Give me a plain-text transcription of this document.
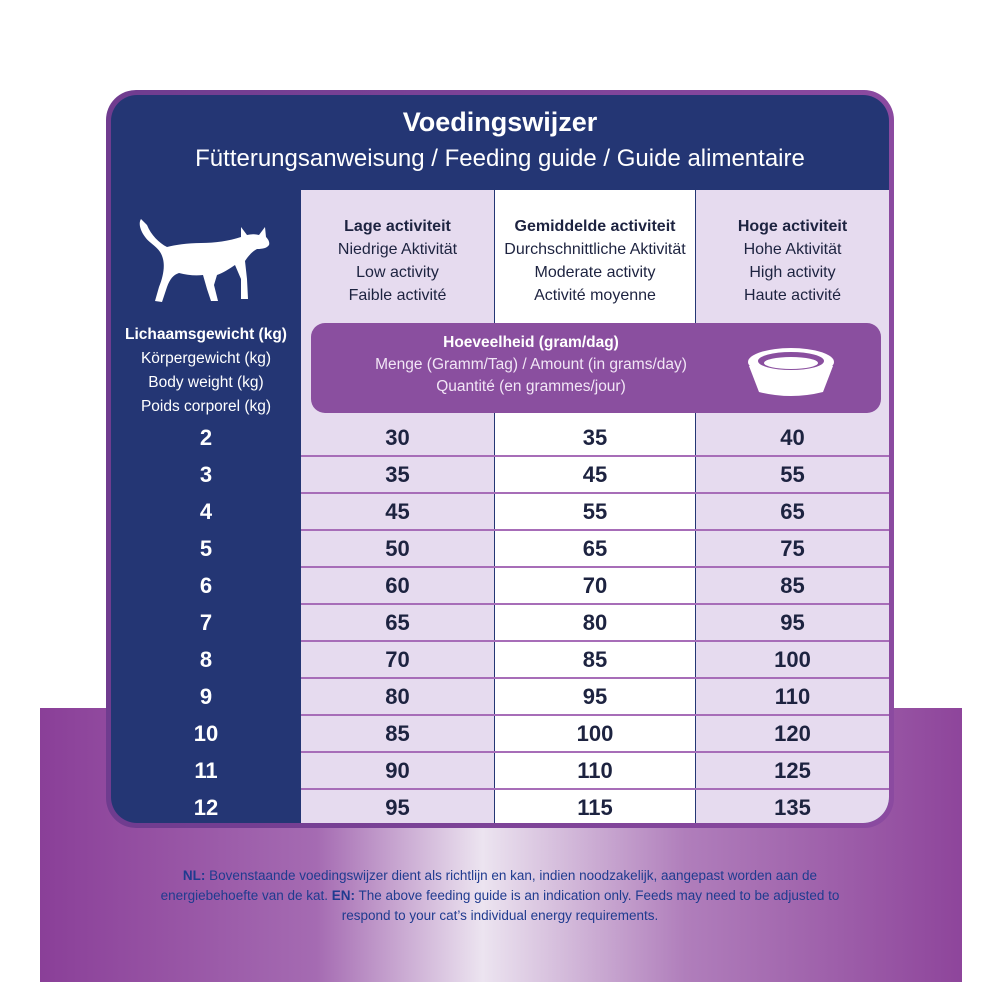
Voedingswijzer
Fütterungsanweisung / Feeding guide / Guide alimentaire
Lage activiteit
Niedrige Aktivität
Low activity
Faible activité
Gemiddelde activiteit
Durchschnittliche Aktivität
Moderate activity
Activité moyenne
Hoge activiteit
Hohe Aktivität
High activity
Haute activité
Lichaamsgewicht (kg)
Körpergewicht (kg)
Body weight (kg)
Poids corporel (kg)
Hoeveelheid (gram/dag)
Menge (Gramm/Tag) / Amount (in grams/day)
Quantité (en grammes/jour)
2	30	35	40
3	35	45	55
4	45	55	65
5	50	65	75
6	60	70	85
7	65	80	95
8	70	85	100
9	80	95	110
10	85	100	120
11	90	110	125
12	95	115	135
NL: Bovenstaande voedingswijzer dient als richtlijn en kan, indien noodzakelijk, aangepast worden aan de energiebehoefte van de kat. EN: The above feeding guide is an indication only. Feeds may need to be adjusted to respond to your cat’s individual energy requirements.
